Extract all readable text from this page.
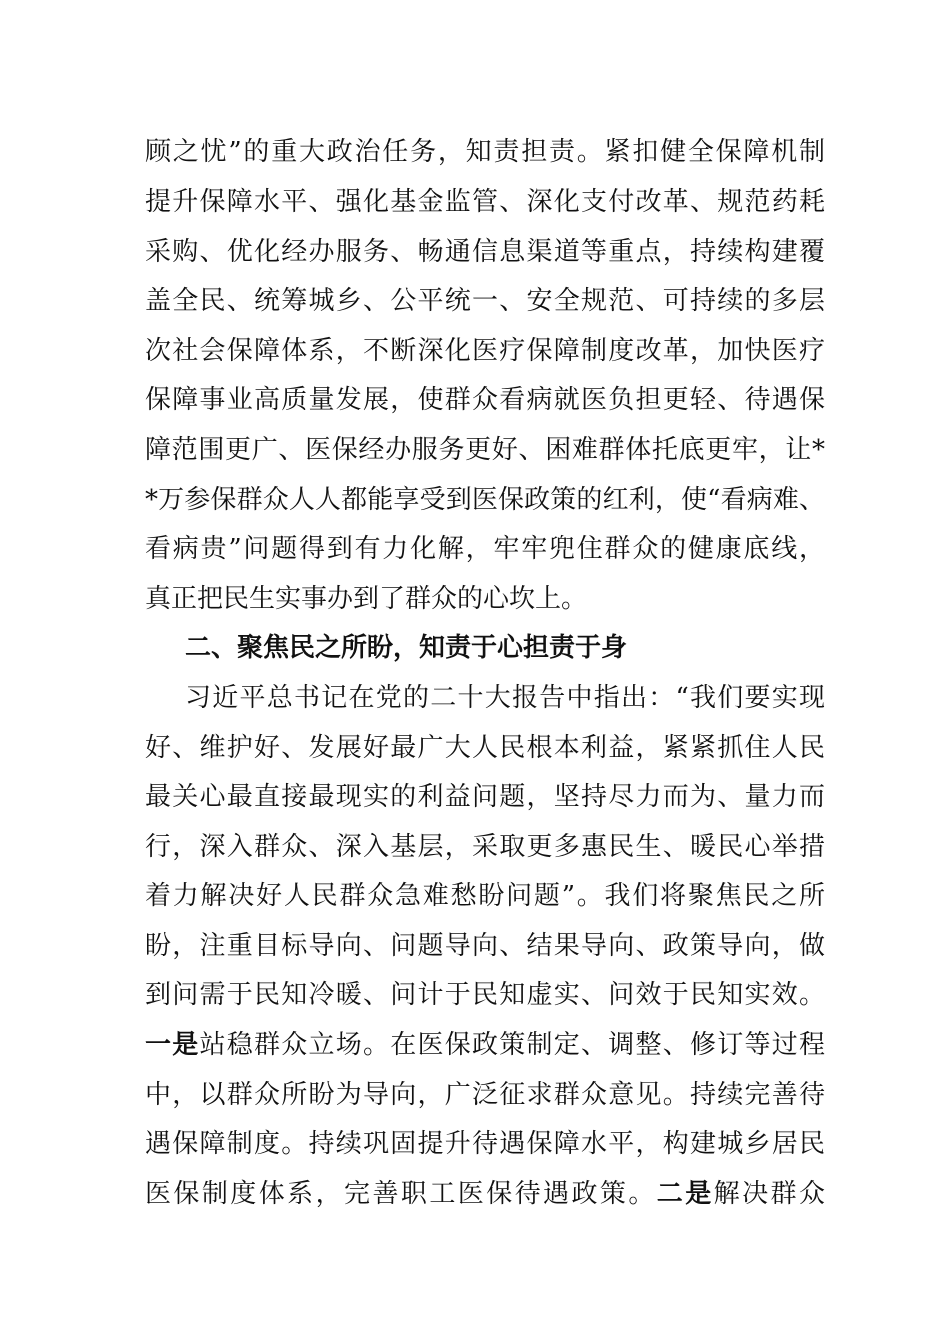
顾之忧”的重大政治任务，知责担责。紧扣健全保障机制
提升保障水平、强化基金监管、深化支付改革、规范药耗
采购、优化经办服务、畅通信息渠道等重点，持续构建覆
盖全民、统筹城乡、公平统一、安全规范、可持续的多层
次社会保障体系，不断深化医疗保障制度改革，加快医疗
保障事业高质量发展，使群众看病就医负担更轻、待遇保
障范围更广、医保经办服务更好、困难群体托底更牢，让*
*万参保群众人人都能享受到医保政策的红利，使“看病难、
看病贵”问题得到有力化解，牢牢兜住群众的健康底线，
真正把民生实事办到了群众的心坎上。
二、聚焦民之所盼，知责于心担责于身
习近平总书记在党的二十大报告中指出：“我们要实现
好、维护好、发展好最广大人民根本利益，紧紧抓住人民
最关心最直接最现实的利益问题，坚持尽力而为、量力而
行，深入群众、深入基层，采取更多惠民生、暖民心举措
着力解决好人民群众急难愁盼问题”。我们将聚焦民之所
盼，注重目标导向、问题导向、结果导向、政策导向，做
到问需于民知冷暖、问计于民知虚实、问效于民知实效。
一是站稳群众立场。在医保政策制定、调整、修订等过程
中，以群众所盼为导向，广泛征求群众意见。持续完善待
遇保障制度。持续巩固提升待遇保障水平，构建城乡居民
医保制度体系，完善职工医保待遇政策。二是解决群众
